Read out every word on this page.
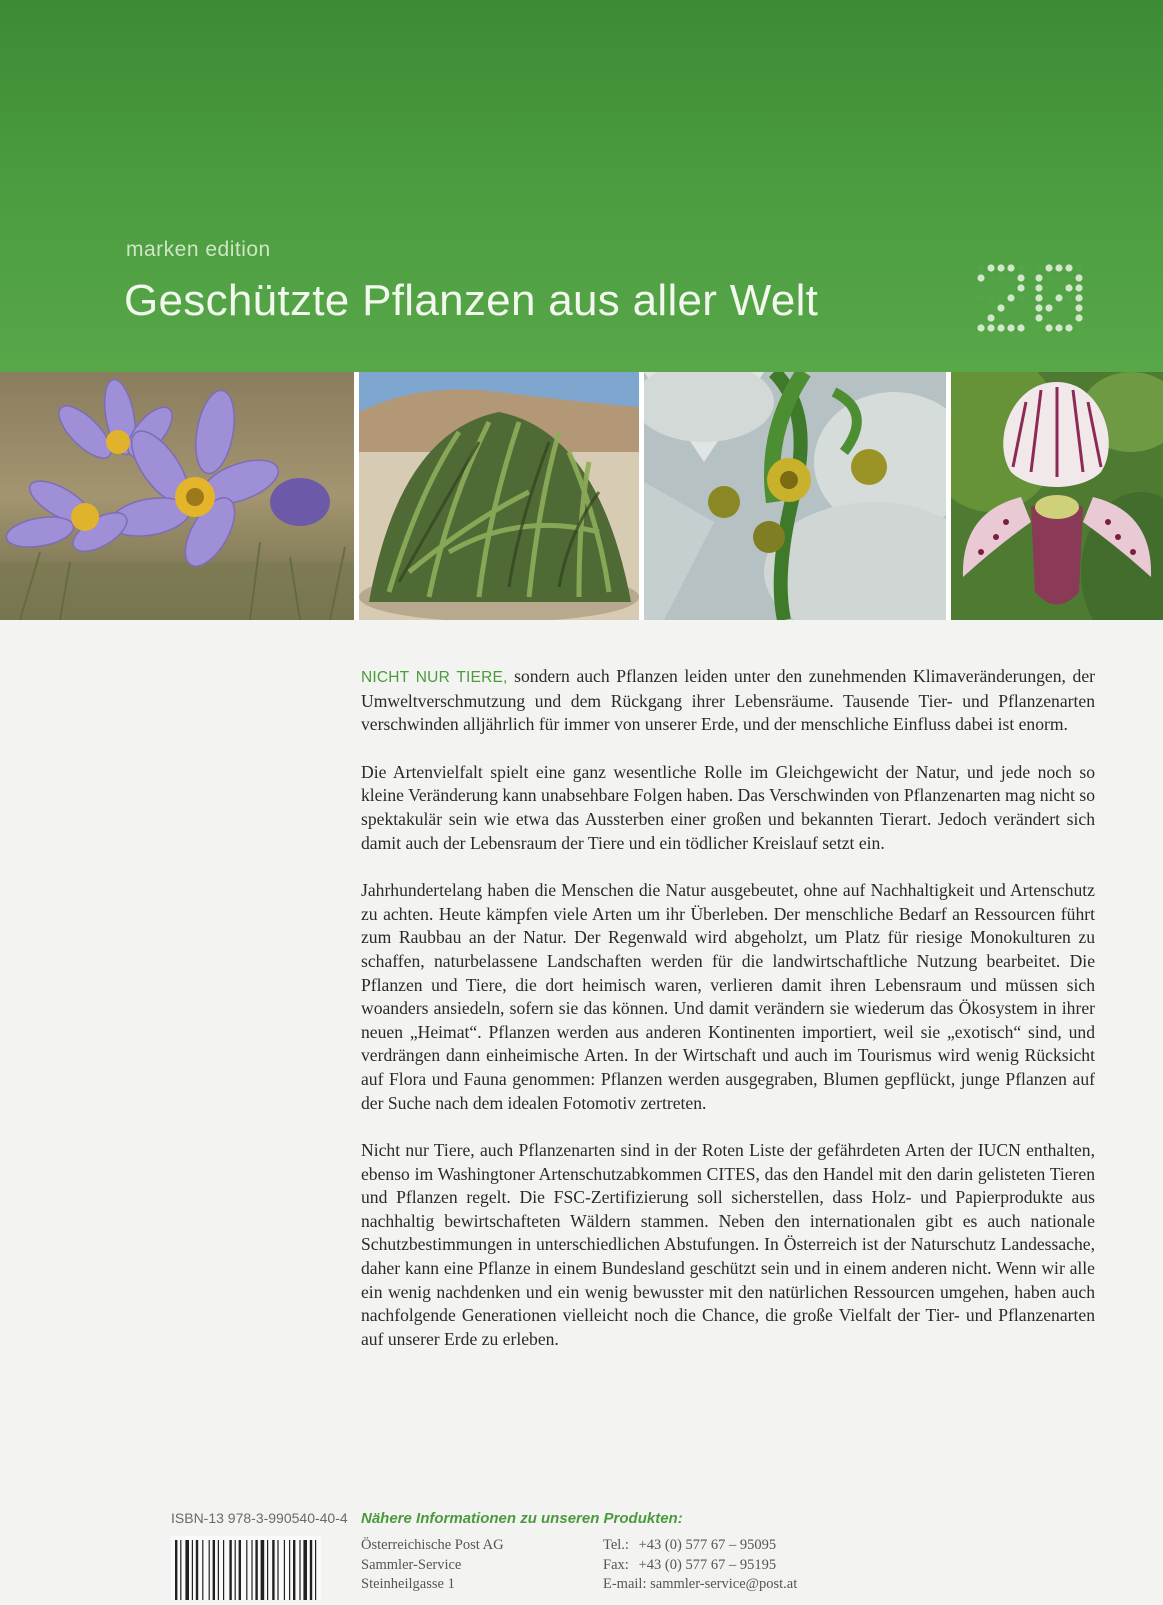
marken edition
Geschützte Pflanzen aus aller Welt

NICHT NUR TIERE, sondern auch Pflanzen leiden unter den zunehmenden Klimaveränderungen, der Umweltverschmutzung und dem Rückgang ihrer Lebensräume. Tausende Tier- und Pflanzenarten verschwinden alljährlich für immer von unserer Erde, und der menschliche Einfluss dabei ist enorm.

Die Artenvielfalt spielt eine ganz wesentliche Rolle im Gleichgewicht der Natur, und jede noch so kleine Veränderung kann unabsehbare Folgen haben. Das Verschwinden von Pflanzenarten mag nicht so spektakulär sein wie etwa das Aussterben einer großen und bekannten Tierart. Jedoch verändert sich damit auch der Lebensraum der Tiere und ein tödlicher Kreislauf setzt ein.

Jahrhundertelang haben die Menschen die Natur ausgebeutet, ohne auf Nachhaltigkeit und Artenschutz zu achten. Heute kämpfen viele Arten um ihr Überleben. Der menschliche Bedarf an Ressourcen führt zum Raubbau an der Natur. Der Regenwald wird abgeholzt, um Platz für riesige Monokulturen zu schaffen, naturbelassene Landschaften werden für die landwirtschaftliche Nutzung bearbeitet. Die Pflanzen und Tiere, die dort heimisch waren, verlieren damit ihren Lebensraum und müssen sich woanders ansiedeln, sofern sie das können. Und damit verändern sie wiederum das Ökosystem in ihrer neuen „Heimat“. Pflanzen werden aus anderen Kontinenten importiert, weil sie „exotisch“ sind, und verdrängen dann einheimische Arten. In der Wirtschaft und auch im Tourismus wird wenig Rücksicht auf Flora und Fauna genommen: Pflanzen werden ausgegraben, Blumen gepflückt, junge Pflanzen auf der Suche nach dem idealen Fotomotiv zertreten.

Nicht nur Tiere, auch Pflanzenarten sind in der Roten Liste der gefährdeten Arten der IUCN enthalten, ebenso im Washingtoner Artenschutzabkommen CITES, das den Handel mit den darin gelisteten Tieren und Pflanzen regelt. Die FSC-Zertifizierung soll sicherstellen, dass Holz- und Papierprodukte aus nachhaltig bewirtschafteten Wäldern stammen. Neben den internationalen gibt es auch nationale Schutzbestimmungen in unterschiedlichen Abstufungen. In Österreich ist der Naturschutz Landessache, daher kann eine Pflanze in einem Bundesland geschützt sein und in einem anderen nicht. Wenn wir alle ein wenig nachdenken und ein wenig bewusster mit den natürlichen Ressourcen umgehen, haben auch nachfolgende Generationen vielleicht noch die Chance, die große Vielfalt der Tier- und Pflanzenarten auf unserer Erde zu erleben.

ISBN-13 978-3-990540-40-4 Nähere Informationen zu unseren Produkten:
Österreichische Post AG
Sammler-Service
Steinheilgasse 1
Tel.: +43 (0) 577 67 – 95095
Fax: +43 (0) 577 67 – 95195
E-mail: sammler-service@post.at
